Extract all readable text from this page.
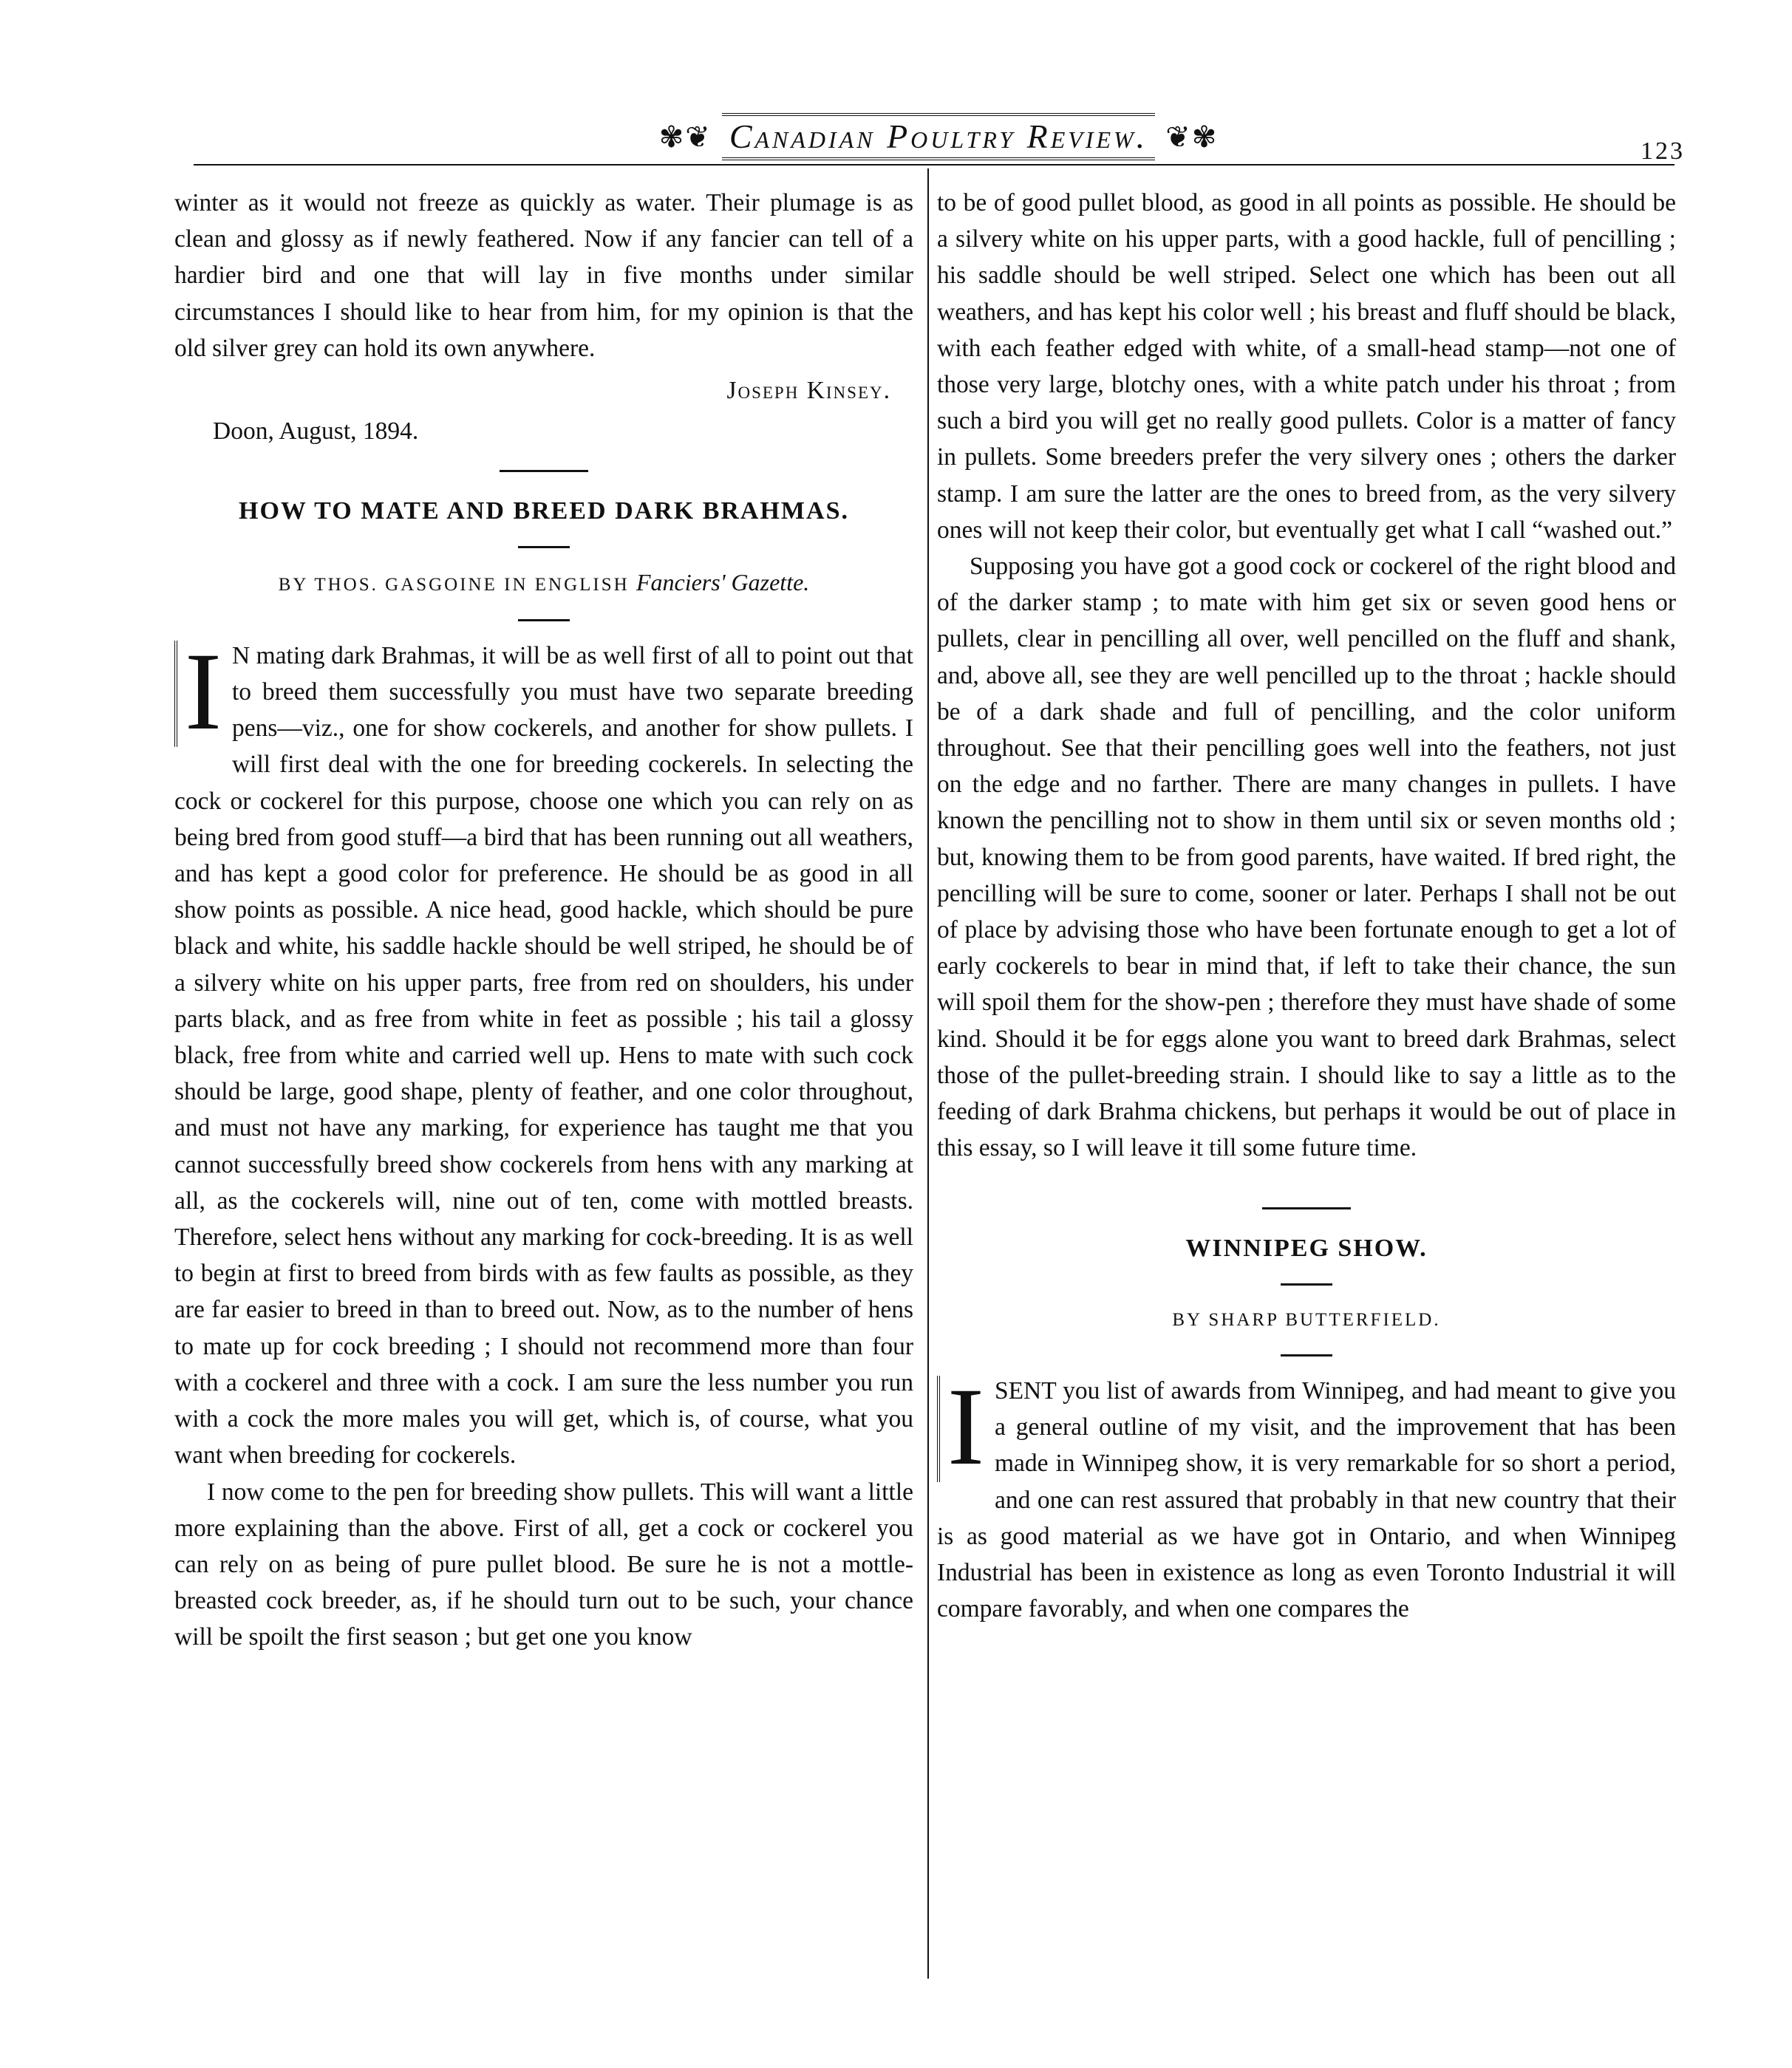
✾❦ Canadian Poultry Review. ❦✾	123

winter as it would not freeze as quickly as water. Their plumage is as clean and glossy as if newly feathered. Now if any fancier can tell of a hardier bird and one that will lay in five months under similar circumstances I should like to hear from him, for my opinion is that the old silver grey can hold its own anywhere.

Joseph Kinsey.
Doon, August, 1894.
HOW TO MATE AND BREED DARK BRAHMAS.
BY THOS. GASGOINE IN ENGLISH Fanciers' Gazette.

I N mating dark Brahmas, it will be as well first of all to point out that to breed them successfully you must have two separate breeding pens—viz., one for show cockerels, and another for show pullets. I will first deal with the one for breeding cockerels. In selecting the cock or cockerel for this purpose, choose one which you can rely on as being bred from good stuff—a bird that has been running out all weathers, and has kept a good color for preference. He should be as good in all show points as possible. A nice head, good hackle, which should be pure black and white, his saddle hackle should be well striped, he should be of a silvery white on his upper parts, free from red on shoulders, his under parts black, and as free from white in feet as possible ; his tail a glossy black, free from white and carried well up. Hens to mate with such cock should be large, good shape, plenty of feather, and one color throughout, and must not have any marking, for experience has taught me that you cannot successfully breed show cockerels from hens with any marking at all, as the cockerels will, nine out of ten, come with mottled breasts. Therefore, select hens without any marking for cock-breeding. It is as well to begin at first to breed from birds with as few faults as possible, as they are far easier to breed in than to breed out. Now, as to the number of hens to mate up for cock breeding ; I should not recommend more than four with a cockerel and three with a cock. I am sure the less number you run with a cock the more males you will get, which is, of course, what you want when breeding for cockerels.

I now come to the pen for breeding show pullets. This will want a little more explaining than the above. First of all, get a cock or cockerel you can rely on as being of pure pullet blood. Be sure he is not a mottle-breasted cock breeder, as, if he should turn out to be such, your chance will be spoilt the first season ; but get one you know

to be of good pullet blood, as good in all points as possible. He should be a silvery white on his upper parts, with a good hackle, full of pencilling ; his saddle should be well striped. Select one which has been out all weathers, and has kept his color well ; his breast and fluff should be black, with each feather edged with white, of a small-head stamp—not one of those very large, blotchy ones, with a white patch under his throat ; from such a bird you will get no really good pullets. Color is a matter of fancy in pullets. Some breeders prefer the very silvery ones ; others the darker stamp. I am sure the latter are the ones to breed from, as the very silvery ones will not keep their color, but eventually get what I call “washed out.”

Supposing you have got a good cock or cockerel of the right blood and of the darker stamp ; to mate with him get six or seven good hens or pullets, clear in pencilling all over, well pencilled on the fluff and shank, and, above all, see they are well pencilled up to the throat ; hackle should be of a dark shade and full of pencilling, and the color uniform throughout. See that their pencilling goes well into the feathers, not just on the edge and no farther. There are many changes in pullets. I have known the pencilling not to show in them until six or seven months old ; but, knowing them to be from good parents, have waited. If bred right, the pencilling will be sure to come, sooner or later. Perhaps I shall not be out of place by advising those who have been fortunate enough to get a lot of early cockerels to bear in mind that, if left to take their chance, the sun will spoil them for the show-pen ; therefore they must have shade of some kind. Should it be for eggs alone you want to breed dark Brahmas, select those of the pullet-breeding strain. I should like to say a little as to the feeding of dark Brahma chickens, but perhaps it would be out of place in this essay, so I will leave it till some future time.

WINNIPEG SHOW.
BY SHARP BUTTERFIELD.

I SENT you list of awards from Winnipeg, and had meant to give you a general outline of my visit, and the improvement that has been made in Winnipeg show, it is very remarkable for so short a period, and one can rest assured that probably in that new country that their is as good material as we have got in Ontario, and when Winnipeg Industrial has been in existence as long as even Toronto Industrial it will compare favorably, and when one compares the
